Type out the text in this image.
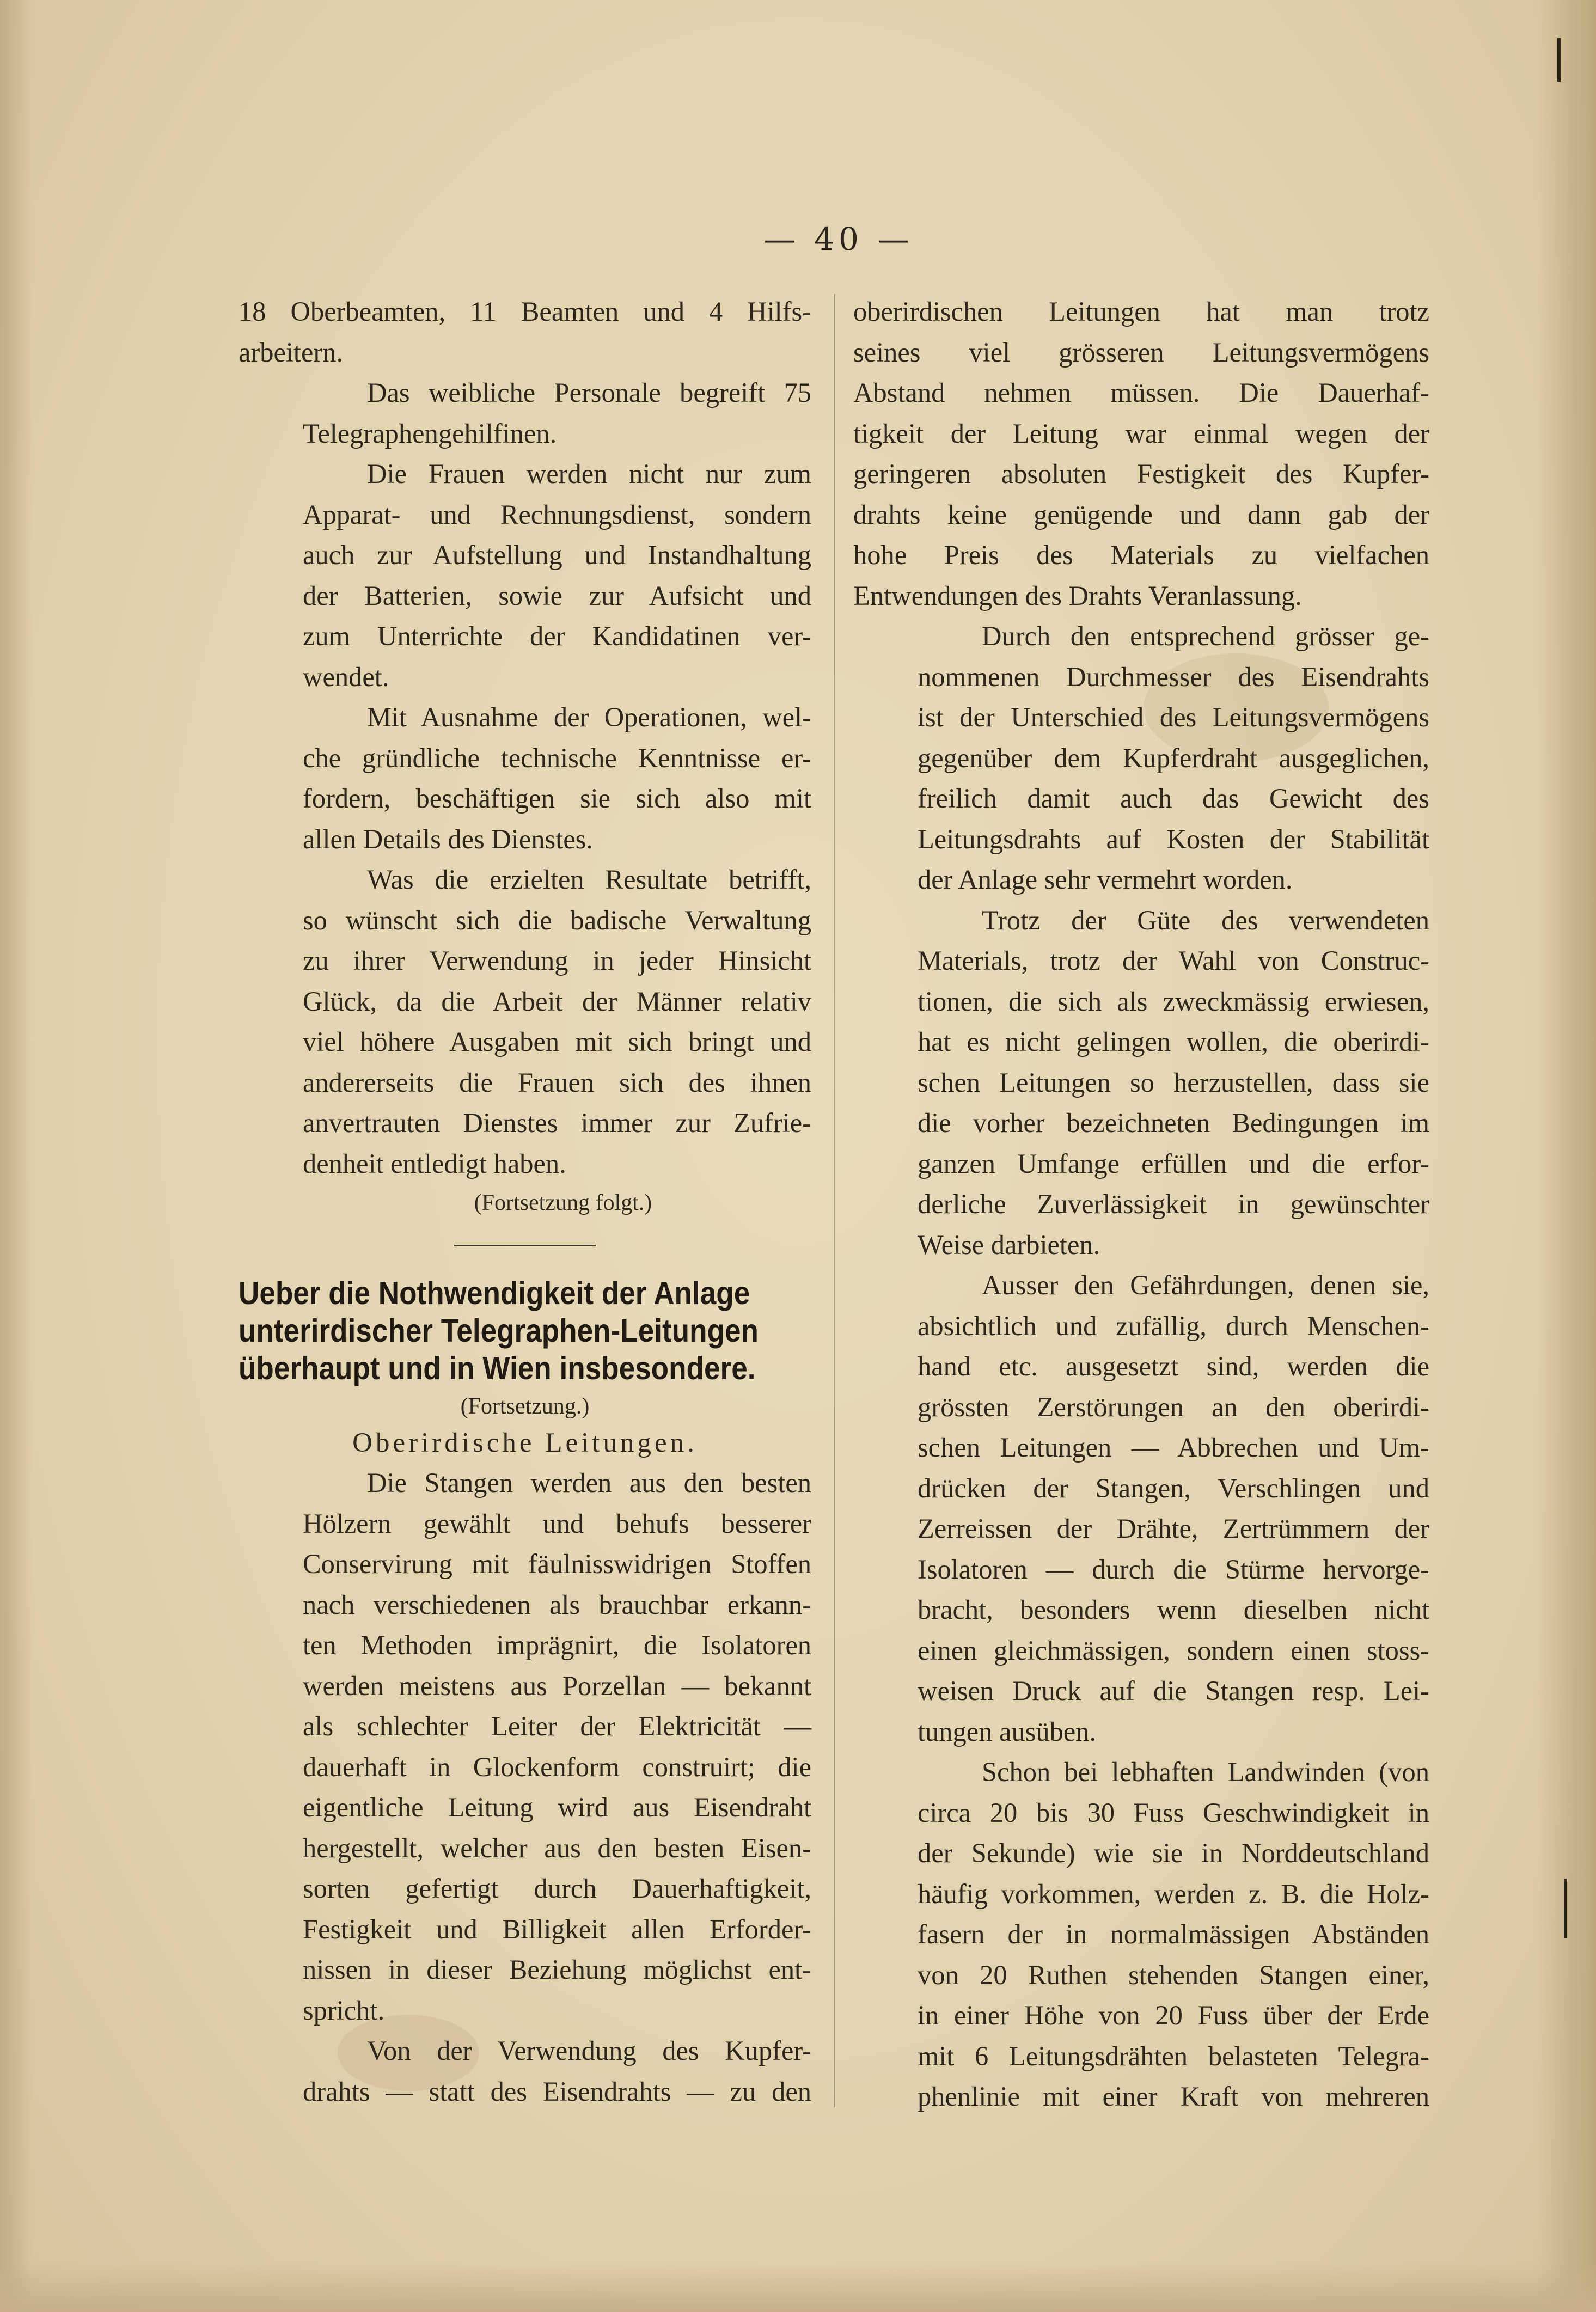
— 40 —

18 Oberbeamten, 11 Beamten und 4 Hilfs-
arbeitern.

Das weibliche Personale begreift 75
Telegraphengehilfinen.

Die Frauen werden nicht nur zum
Apparat- und Rechnungsdienst, sondern
auch zur Aufstellung und Instandhaltung
der Batterien, sowie zur Aufsicht und
zum Unterrichte der Kandidatinen ver-
wendet.

Mit Ausnahme der Operationen, wel-
che gründliche technische Kenntnisse er-
fordern, beschäftigen sie sich also mit
allen Details des Dienstes.

Was die erzielten Resultate betrifft,
so wünscht sich die badische Verwaltung
zu ihrer Verwendung in jeder Hinsicht
Glück, da die Arbeit der Männer relativ
viel höhere Ausgaben mit sich bringt und
andererseits die Frauen sich des ihnen
anvertrauten Dienstes immer zur Zufrie-
denheit entledigt haben.

(Fortsetzung folgt.)

Ueber die Nothwendigkeit der Anlage
unterirdischer Telegraphen-Leitungen
überhaupt und in Wien insbesondere.

(Fortsetzung.)

Oberirdische Leitungen.

Die Stangen werden aus den besten
Hölzern gewählt und behufs besserer
Conservirung mit fäulnisswidrigen Stoffen
nach verschiedenen als brauchbar erkann-
ten Methoden imprägnirt, die Isolatoren
werden meistens aus Porzellan — bekannt
als schlechter Leiter der Elektricität —
dauerhaft in Glockenform construirt; die
eigentliche Leitung wird aus Eisendraht
hergestellt, welcher aus den besten Eisen-
sorten gefertigt durch Dauerhaftigkeit,
Festigkeit und Billigkeit allen Erforder-
nissen in dieser Beziehung möglichst ent-
spricht.

Von der Verwendung des Kupfer-
drahts — statt des Eisendrahts — zu den

oberirdischen Leitungen hat man trotz
seines viel grösseren Leitungsvermögens
Abstand nehmen müssen. Die Dauerhaf-
tigkeit der Leitung war einmal wegen der
geringeren absoluten Festigkeit des Kupfer-
drahts keine genügende und dann gab der
hohe Preis des Materials zu vielfachen
Entwendungen des Drahts Veranlassung.

Durch den entsprechend grösser ge-
nommenen Durchmesser des Eisendrahts
ist der Unterschied des Leitungsvermögens
gegenüber dem Kupferdraht ausgeglichen,
freilich damit auch das Gewicht des
Leitungsdrahts auf Kosten der Stabilität
der Anlage sehr vermehrt worden.

Trotz der Güte des verwendeten
Materials, trotz der Wahl von Construc-
tionen, die sich als zweckmässig erwiesen,
hat es nicht gelingen wollen, die oberirdi-
schen Leitungen so herzustellen, dass sie
die vorher bezeichneten Bedingungen im
ganzen Umfange erfüllen und die erfor-
derliche Zuverlässigkeit in gewünschter
Weise darbieten.

Ausser den Gefährdungen, denen sie,
absichtlich und zufällig, durch Menschen-
hand etc. ausgesetzt sind, werden die
grössten Zerstörungen an den oberirdi-
schen Leitungen — Abbrechen und Um-
drücken der Stangen, Verschlingen und
Zerreissen der Drähte, Zertrümmern der
Isolatoren — durch die Stürme hervorge-
bracht, besonders wenn dieselben nicht
einen gleichmässigen, sondern einen stoss-
weisen Druck auf die Stangen resp. Lei-
tungen ausüben.

Schon bei lebhaften Landwinden (von
circa 20 bis 30 Fuss Geschwindigkeit in
der Sekunde) wie sie in Norddeutschland
häufig vorkommen, werden z. B. die Holz-
fasern der in normalmässigen Abständen
von 20 Ruthen stehenden Stangen einer,
in einer Höhe von 20 Fuss über der Erde
mit 6 Leitungsdrähten belasteten Telegra-
phenlinie mit einer Kraft von mehreren
